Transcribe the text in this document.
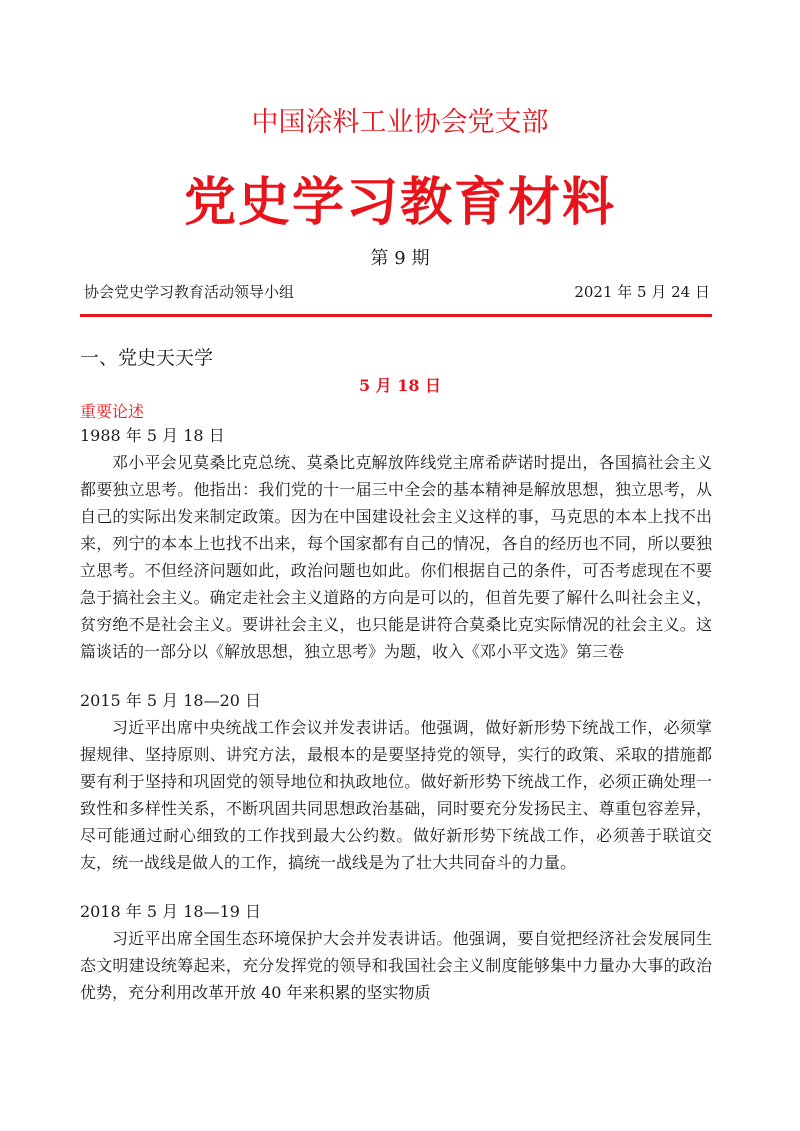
中国涂料工业协会党支部
党史学习教育材料
第 9 期
协会党史学习教育活动领导小组	2021 年 5 月 24 日
一、党史天天学
5 月 18 日
重要论述

1988 年 5 月 18 日

邓小平会见莫桑比克总统、莫桑比克解放阵线党主席希萨诺时提出，各国搞社会主义都要独立思考。他指出：我们党的十一届三中全会的基本精神是解放思想，独立思考，从自己的实际出发来制定政策。因为在中国建设社会主义这样的事，马克思的本本上找不出来，列宁的本本上也找不出来，每个国家都有自己的情况，各自的经历也不同，所以要独立思考。不但经济问题如此，政治问题也如此。你们根据自己的条件，可否考虑现在不要急于搞社会主义。确定走社会主义道路的方向是可以的，但首先要了解什么叫社会主义，贫穷绝不是社会主义。要讲社会主义，也只能是讲符合莫桑比克实际情况的社会主义。这篇谈话的一部分以《解放思想，独立思考》为题，收入《邓小平文选》第三卷

2015 年 5 月 18—20 日

习近平出席中央统战工作会议并发表讲话。他强调，做好新形势下统战工作，必须掌握规律、坚持原则、讲究方法，最根本的是要坚持党的领导，实行的政策、采取的措施都要有利于坚持和巩固党的领导地位和执政地位。做好新形势下统战工作，必须正确处理一致性和多样性关系，不断巩固共同思想政治基础，同时要充分发扬民主、尊重包容差异，尽可能通过耐心细致的工作找到最大公约数。做好新形势下统战工作，必须善于联谊交友，统一战线是做人的工作，搞统一战线是为了壮大共同奋斗的力量。

2018 年 5 月 18—19 日

习近平出席全国生态环境保护大会并发表讲话。他强调，要自觉把经济社会发展同生态文明建设统筹起来，充分发挥党的领导和我国社会主义制度能够集中力量办大事的政治优势，充分利用改革开放 40 年来积累的坚实物质
